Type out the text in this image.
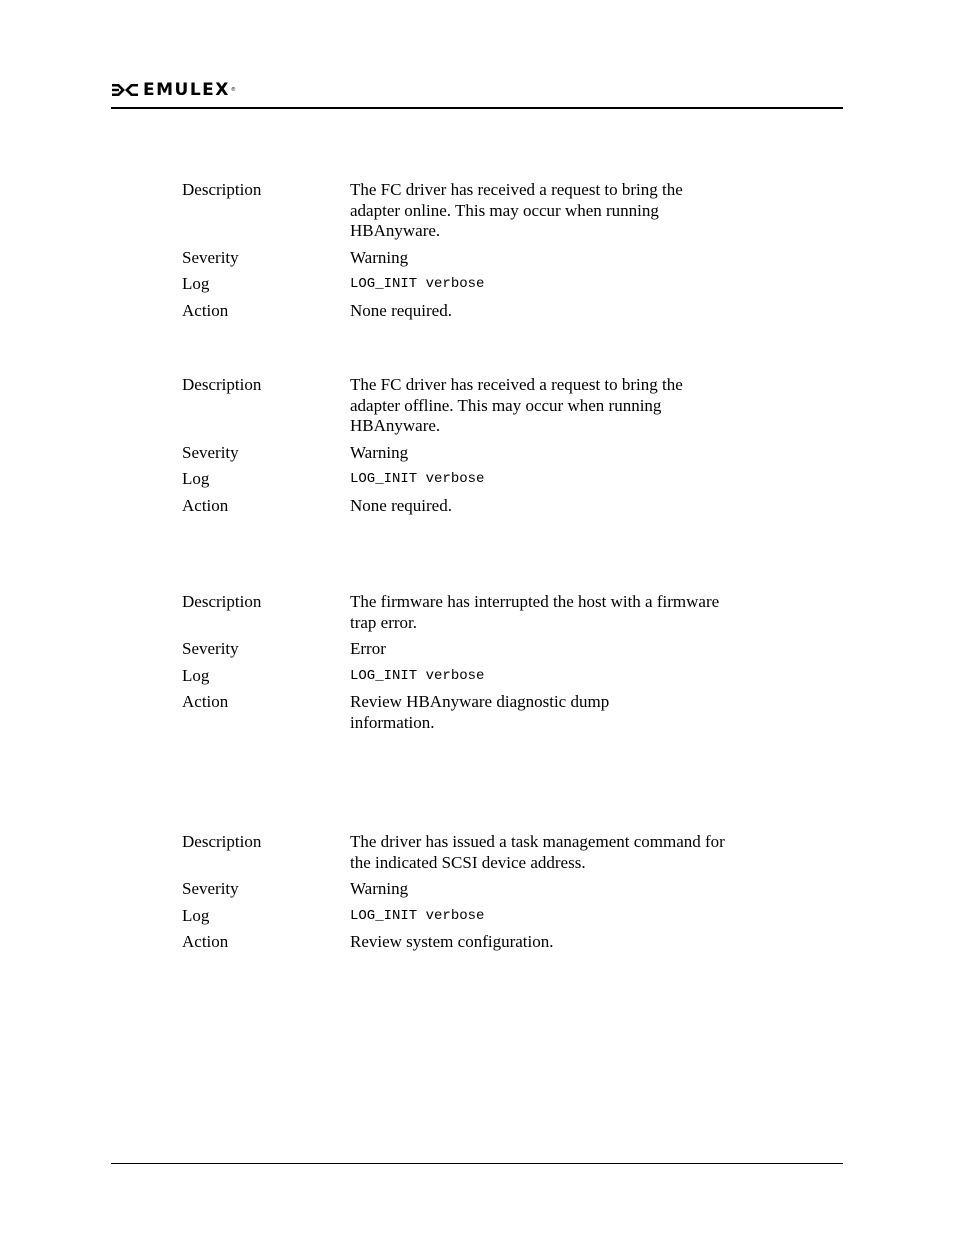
EMULEX ®
Description	The FC driver has received a request to bring the adapter online. This may occur when running HBAnyware.
Severity	Warning
Log	LOG_INIT verbose
Action	None required.
Description	The FC driver has received a request to bring the adapter offline. This may occur when running HBAnyware.
Severity	Warning
Log	LOG_INIT verbose
Action	None required.
Description	The firmware has interrupted the host with a firmware trap error.
Severity	Error
Log	LOG_INIT verbose
Action	Review HBAnyware diagnostic dump information.
Description	The driver has issued a task management command for the indicated SCSI device address.
Severity	Warning
Log	LOG_INIT verbose
Action	Review system configuration.
